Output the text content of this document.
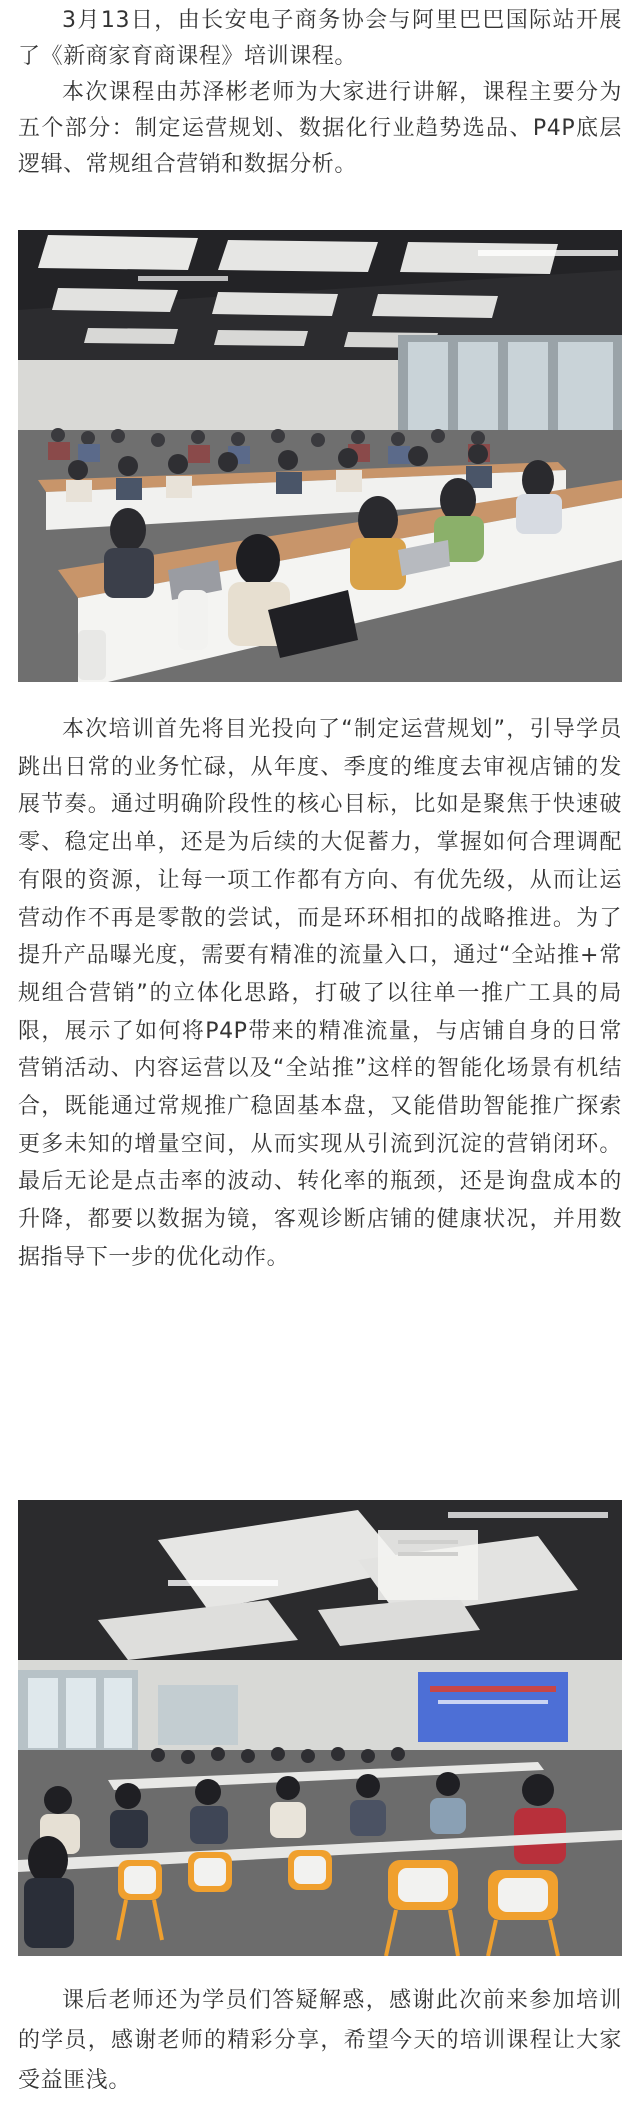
3月13日，由长安电子商务协会与阿里巴巴国际站开展了《新商家育商课程》培训课程。

本次课程由苏泽彬老师为大家进行讲解，课程主要分为五个部分：制定运营规划、数据化行业趋势选品、P4P底层逻辑、常规组合营销和数据分析。

本次培训首先将目光投向了“制定运营规划”，引导学员跳出日常的业务忙碌，从年度、季度的维度去审视店铺的发展节奏。通过明确阶段性的核心目标，比如是聚焦于快速破零、稳定出单，还是为后续的大促蓄力，掌握如何合理调配有限的资源，让每一项工作都有方向、有优先级，从而让运营动作不再是零散的尝试，而是环环相扣的战略推进。为了提升产品曝光度，需要有精准的流量入口，通过“全站推+常规组合营销”的立体化思路，打破了以往单一推广工具的局限，展示了如何将P4P带来的精准流量，与店铺自身的日常营销活动、内容运营以及“全站推”这样的智能化场景有机结合，既能通过常规推广稳固基本盘，又能借助智能推广探索更多未知的增量空间，从而实现从引流到沉淀的营销闭环。最后无论是点击率的波动、转化率的瓶颈，还是询盘成本的升降，都要以数据为镜，客观诊断店铺的健康状况，并用数据指导下一步的优化动作。

课后老师还为学员们答疑解惑，感谢此次前来参加培训的学员，感谢老师的精彩分享，希望今天的培训课程让大家受益匪浅。
